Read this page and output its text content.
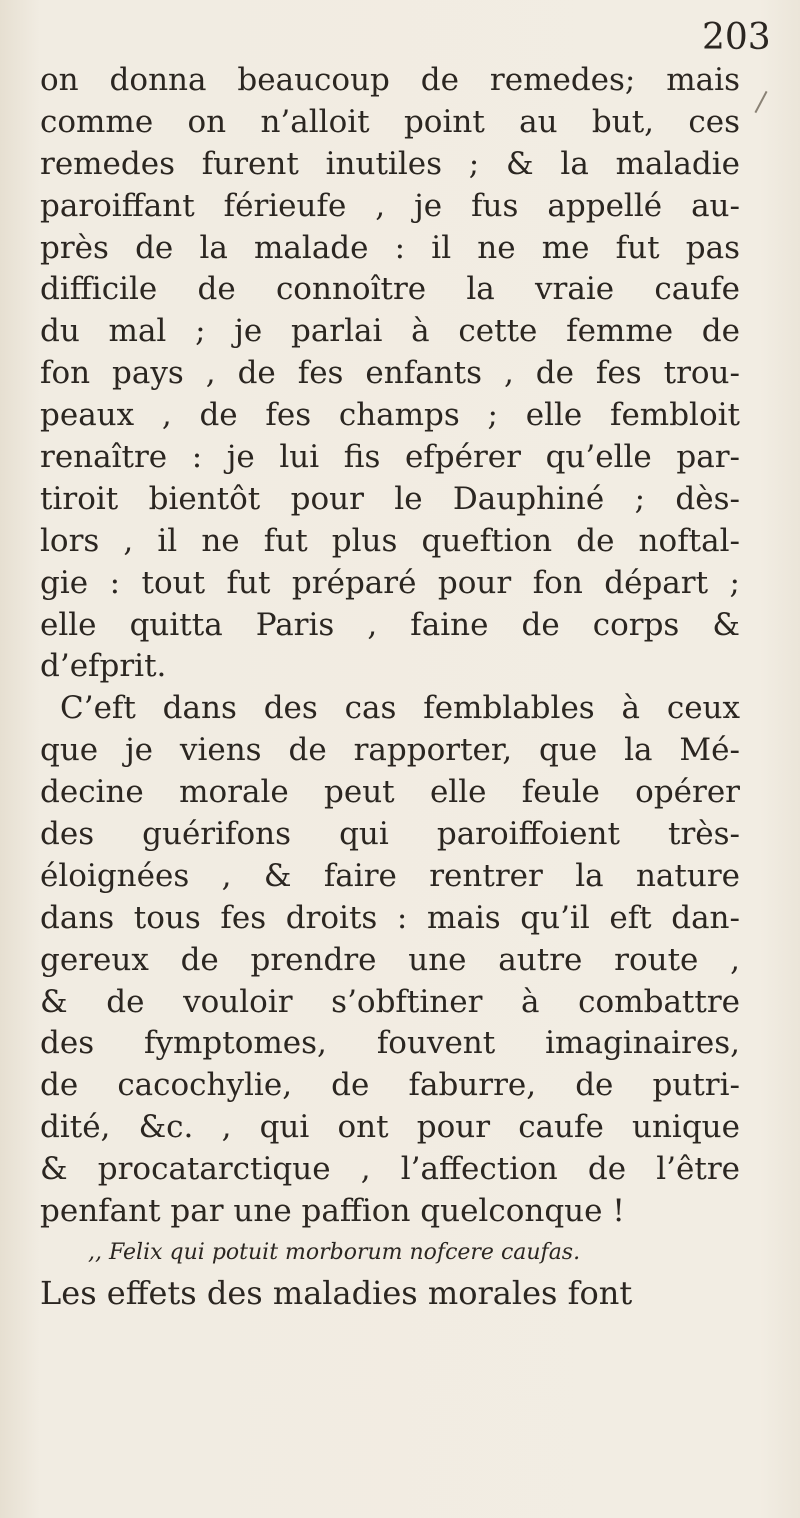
203
on donna beaucoup de remedes; mais
comme on n’alloit point au but, ces
remedes furent inutiles ; & la maladie
paroiffant férieufe , je fus appellé au-
près de la malade : il ne me fut pas
difficile de connoître la vraie caufe
du mal ; je parlai à cette femme de
fon pays , de fes enfants , de fes trou-
peaux , de fes champs ; elle fembloit
renaître : je lui fis efpérer qu’elle par-
tiroit bientôt pour le Dauphiné ; dès-
lors , il ne fut plus queftion de noftal-
gie : tout fut préparé pour fon départ ;
elle quitta Paris , faine de corps &
d’efprit.
C’eft dans des cas femblables à ceux
que je viens de rapporter, que la Mé-
decine morale peut elle feule opérer
des guérifons qui paroiffoient très-
éloignées , & faire rentrer la nature
dans tous fes droits : mais qu’il eft dan-
gereux de prendre une autre route ,
& de vouloir s’obftiner à combattre
des fymptomes, fouvent imaginaires,
de cacochylie, de faburre, de putri-
dité, &c. , qui ont pour caufe unique
& procatarctique , l’affection de l’être
penfant par une paffion quelconque !
,, Felix qui potuit morborum nofcere caufas.
Les effets des maladies morales font
